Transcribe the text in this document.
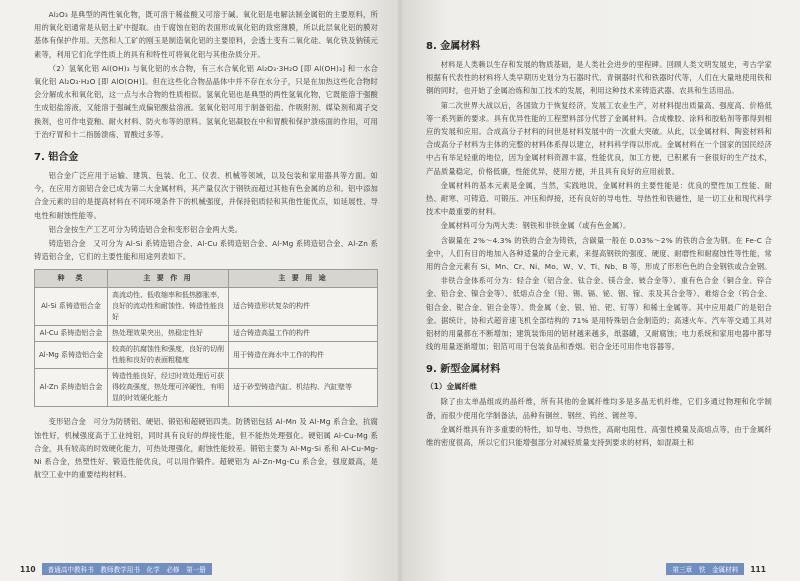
Al₂O₃ 是典型的两性氧化物，既可溶于稀盐酸又可溶于碱。氧化铝是电解法制金属铝的主要原料，所用的氧化铝通常是从铝土矿中提取。由于腐蚀在铝的表面形成氧化铝的致密薄膜，所以此层氧化铝的膜对基体有保护作用。天然和人工矿的刚玉是制造氧化铝的主要原料，会透土变有二氧化硅、氧化铁及钠镁元素等，利用它们化学性质上的具有和特性可将氧化铝与其他杂质分开。

（2）氢氧化铝 Al(OH)₃ 与氧化铝的水合物，有三水合氧化铝 Al₂O₃·3H₂O [即 Al(OH)₃] 和一水合氧化铝 Al₂O₃·H₂O [即 AlO(OH)]。但在这些化合物品晶体中并不存在水分子，只是在加热这些化合物时会分解成水和氧化铝，这一点与水合物的性质相似。氢氧化铝也是典型的两性氢氧化物，它既能溶于强酸生成铝盐溶液，又能溶于强碱生成偏铝酸盐溶液。氢氧化铝可用于制备铝盐、作吸附剂、媒染剂和离子交换剂，也可作电瓷釉、耐火材料、防火布等的原料。氢氧化铝凝胶在中和胃酸和保护溃疡面的作用，可用于治疗胃和十二指肠溃疡、胃酸过多等。

7. 铝合金

铝合金广泛应用于运输、建筑、包装、化工、仪表、机械等领域，以及包装和家用器具等方面。如今，在应用方面铝合金已成为第二大金属材料，其产量仅次于钢铁而超过其他有色金属的总和。铝中添加合金元素的目的是提高材料在不同环境条件下的机械强度，并保持铝质轻和其他性能优点，如延展性、导电性和耐蚀性能等。

铝合金按生产工艺可分为铸造铝合金和变形铝合金两大类。

铸造铝合金　又可分为 Al-Si 系铸造铝合金、Al-Cu 系铸造铝合金、Al-Mg 系铸造铝合金、Al-Zn 系铸造铝合金，它们的主要性能和用途列表如下。

种　类	主 要 作 用	主 要 用 途
Al-Si 系铸造铝合金	高流动性、低收缩率和低热膨胀率，良好的流动性和耐蚀性、铸造性能良好	适合铸造形状复杂的构件
Al-Cu 系铸造铝合金	热处理效果突出，热稳定性好	适合铸造高温工作的构件
Al-Mg 系铸造铝合金	较高的抗腐蚀性和强度，良好的切削性能和良好的表面粗糙度	用于铸造在海水中工作的构件
Al-Zn 系铸造铝合金	铸造性能良好，经过时效处理后可获得较高强度，热处理可淬硬性，有明显的时效硬化能力	适于砂型铸造汽缸、机结构、汽缸壁等

变形铝合金　可分为防锈铝、硬铝、锻铝和超硬铝四类。防锈铝包括 Al-Mn 及 Al-Mg 系合金，抗腐蚀性好，机械强度高于工业纯铝，同时具有良好的焊接性能，但不能热处理强化。硬铝属 Al-Cu-Mg 系合金，具有较高的时效硬化能力，可热处理强化，耐蚀性能较差。锻铝主要为 Al-Mg-Si 系和 Al-Cu-Mg-Ni 系合金，热塑性好、锻造性能优良，可以用作锻件。超硬铝为 Al-Zn-Mg-Cu 系合金，强度最高，是航空工业中的重要结构材料。

110	普通高中教科书　教师教学用书　化学　必修　第一册
8. 金属材料

材料是人类赖以生存和发展的物质基础，是人类社会进步的里程碑。回顾人类文明发展史，考古学家根据有代表性的材料将人类早期历史划分为石器时代、青铜器时代和铁器时代等，人们在大量地使用铁和铜的同时，也开始了金属冶炼和加工技术的发展，利用这种技术来铸造武器、农具和生活用品。

第二次世界大战以后，各国致力于恢复经济，发展工农业生产，对材料提出质量高、强度高、价格低等一系列新的要求。具有优异性能的工程塑料部分代替了金属材料。合成橡胶、涂料和胶粘剂等都得到相应的发展和应用。合成高分子材料的问世是材料发展中的一次重大突破。从此，以金属材料、陶瓷材料和合成高分子材料为主体的完整的材料体系得以建立，材料科学得以形成。金属材料在一个国家的国民经济中占有举足轻重的地位，因为金属材料资源丰富，性能优良，加工方便，已积累有一套很好的生产技术，产品质量稳定，价格低廉，性能优异，使用方便，并且具有良好的应用前景。

金属材料的基本元素是金属，当然，实践地说，金属材料的主要性能是：优良的塑性加工性能、耐热、耐寒、可铸造、可锻压、冲压和焊接，还有良好的导电性、导热性和铁磁性，是一切工业和现代科学技术中最重要的材料。

金属材料可分为两大类：钢铁和非铁金属（或有色金属）。

含碳量在 2%～4.3% 的铁的合金为铸铁，含碳量一般在 0.03%～2% 的铁的合金为钢。在 Fe-C 合金中，人们有目的地加入各种适量的合金元素，来提高钢铁的强度、硬度、耐磨性和耐腐蚀性等性能，常用的合金元素有 Si、Mn、Cr、Ni、Mo、W、V、Ti、Nb、B 等，形成了形形色色的合金钢铁或合金钢。

非铁合金体系可分为：轻合金（铝合金、钛合金、镁合金、铍合金等）、重有色合金（铜合金、锌合金、铅合金、镍合金等）、低熔点合金（铅、锡、镉、铋、铟、镓、汞及其合金等）、难熔合金（钨合金、钼合金、铌合金、钽合金等）、贵金属（金、银、铂、钯、钌等）和稀土金属等。其中应用最广的是铝合金。据统计，协和式超音速飞机全部结构的 71% 是用特殊铝合金制造的；高速火车、汽车等交通工具对铝材的用量都在不断增加；建筑装饰用的铝材越来越多，纸器罐，又耐腐蚀；电力系统和家用电器中都导线的用量逐渐增加；铝箔可用于包装食品和香烟。铝合金还可用作电容器等。

9. 新型金属材料
（1）金属纤维

除了由太单晶组成的晶纤维，所有其他的金属纤维均多是多晶无机纤维，它们多通过物理和化学制备，而很少使用化学制备法，品种有铜丝、钢丝、钨丝、镀丝等。

金属纤维具有许多重要的特性，如导电、导热性，高耐电阻性、高强性模量及高熔点等，由于金属纤维的密度很高，所以它们只能增强部分对减轻质量支持到要求的材料，如混凝土和

第三章　铁　金属材料	111
